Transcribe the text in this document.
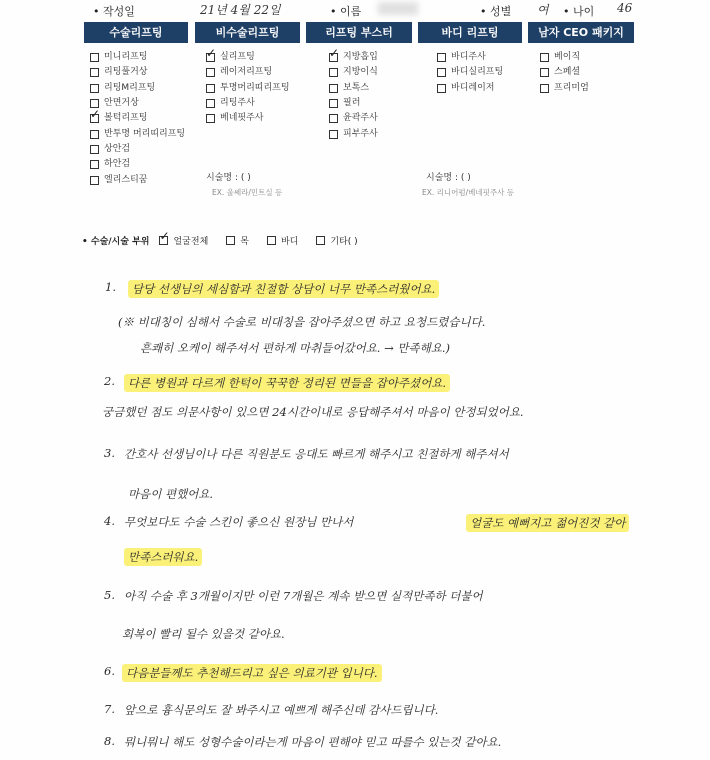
• 작성일	21년 4월 22일	• 이름	• 성별 여 • 나이 46
수술리프팅	비수술리프팅	리프팅 부스터	바디 리프팅	남자 CEO 패키지
미니리프팅
리팅풀거상
리팅M리프팅
안면거상
✓
볼턱리프팅
반투명 머리띠리프팅
상안검
하안검
엘리스티꿈
✓
실리프팅
레이저리프팅
투명머리띠리프팅
리팅주사
베네핏주사
✓
지방흡입
지방이식
보톡스
필러
윤곽주사
피부주사
바디주사
바디실리프팅
바디레이저
베이직
스페셜
프리미엄
시술명 : ( )
EX. 울쎄라/민트실 등
시술명 : ( )
EX. 리니어펌/베네핏주사 등
• 수술/시술 부위
✓	얼굴전체	목	바디	기타( )
1.	담당 선생님의 세심함과 친절함 상담이 너무 만족스러웠어요.
(※ 비대칭이 심해서 수술로 비대칭을 잡아주셨으면 하고 요청드렸습니다.
흔쾌히 오케이 해주셔서 편하게 마취들어갔어요. → 만족해요.)
2.	다른 병원과 다르게 한턱이 꾹꾹한 정리된 면들을 잡아주셨어요.
궁금했던 점도 의문사항이 있으면 24시간이내로 응답해주셔서 마음이 안정되었어요.
3. 간호사 선생님이나 다른 직원분도 응대도 빠르게 해주시고 친절하게 해주셔서
마음이 편했어요.
4. 무엇보다도 수술 스킨이 좋으신 원장님 만나서	얼굴도 예뻐지고 젊어진것 같아
만족스러워요.
5. 아직 수술 후 3개월이지만 이런 7개월은 계속 받으면 실적만족하 더불어
회복이 빨리 될수 있을것 같아요.
6. 다음분들께도 추천해드리고 싶은 의료기관 입니다.
7. 앞으로 흉식문의도 잘 봐주시고 예쁘게 해주신데 감사드립니다.
8. 뭐니뭐니 해도 성형수술이라는게 마음이 편해야 믿고 따를수 있는것 같아요.
